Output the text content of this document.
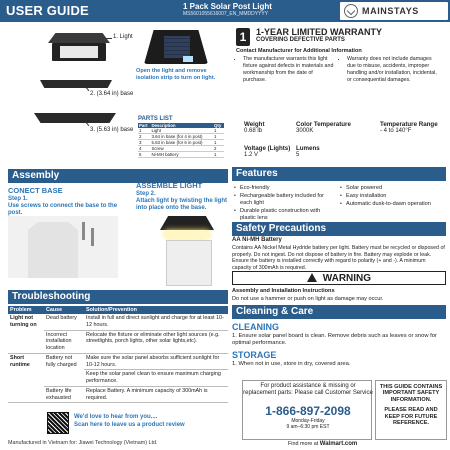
USER GUIDE	1 Pack Solar Post Light
MS5601055616007_EN_MMDDYYYY	MAINSTAYS
1. Light
2. (3.64 in) base
3. (5.63 in) base
Open the light and remove isolation strip to turn on light.
PARTS LIST
Part	Description	Qty
1	Light	1
2	3.64 in base (for 4 in post)	1
3	5.63 in base (for 6 in post)	1
4	Screw	2
5	Ni-MH battery	1
1	1-YEAR LIMITED WARRANTY
COVERING DEFECTIVE PARTS
Contact Manufacturer for Additional Information
• The manufacturer warrants this light fixture against defects in materials and workmanship from the date of purchase.
• Warranty does not include damages due to misuse, accidents, improper handling and/or installation, incidental, or consequential damages.
Weight
0.68 lb
Color Temperature
3000K
Temperature Range
- 4 to 140°F
Voltage (Lights)
1.2 V
Lumens
5
Assembly
CONECT BASE
Step 1.
Use screws to connect the base to the post.
ASSEMBLE LIGHT
Step 2.
Attach light by twisting the light into place onto the base.
Troubleshooting
Problem	Cause	Solution/Prevention
Light not turning on	Dead battery	Install in full and direct sunlight and charge for at least 10-12 hours.
	Incorrect installation location	Relocate the fixture or eliminate other light sources (e.g. streetlights, porch lights, other solar lights,etc).
Short runtime	Battery not fully charged	Make sure the solar panel absorbs sufficient sunlight for 10-12 hours.
		Keep the solar panel clean to ensure maximum charging performance.
	Battery life exhausted	Replace Battery. A minimum capacity of 300mAh is required.
We'd love to hear from you....
Scan here to leave us a product review
Manufactured in Vietnam for: Jiawei Technology (Vietnam) Ltd.
Features
▪ Eco-friendly
▪ Rechargeable battery included for each light
▪ Durable plastic construction with plastic lens
▪ Solar powered
▪ Easy installation
▪ Automatic dusk-to-dawn operation
Safety Precautions
AA Ni-MH Battery
Contains AA Nickel Metal Hydride battery per light. Battery must be recycled or disposed of properly. Do not ingest. Do not dispose of battery in fire. Battery may explode or leak. Ensure the battery is installed correctly with regard to polarity (+ and -). A minimum capacity of 300mAh is required.
WARNING
Assembly and Installation Instructions
Do not use a hammer or push on light as damage may occur.
Cleaning & Care
CLEANING
1. Ensure solar panel board is clean. Remove debris such as leaves or snow for optimal performance.
STORAGE
1. When not in use, store in dry, covered area.
For product assistance & missing or replacement parts: Please call Customer Service
1-866-897-2098
Monday-Friday
9 am–6:30 pm EST
THIS GUIDE CONTAINS IMPORTANT SAFETY INFORMATION.
PLEASE READ AND KEEP FOR FUTURE REFERENCE.
Find more at Walmart.com
